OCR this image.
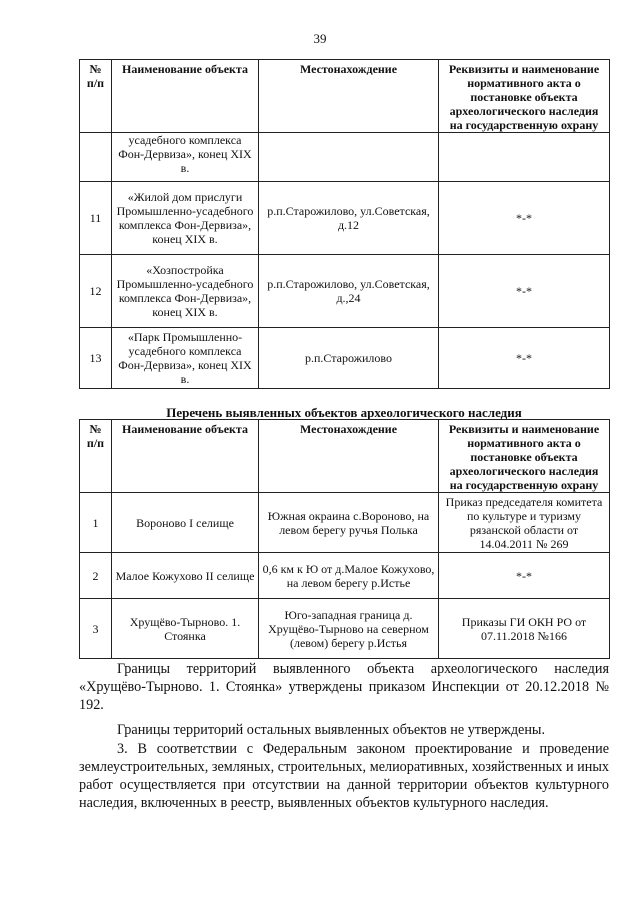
39
№ п/п	Наименование объекта	Местонахождение	Реквизиты и наименование нормативного акта о постановке объекта археологического наследия на государственную охрану
	усадебного комплекса Фон-Дервиза», конец XIX в.		
11	«Жилой дом прислуги Промышленно-усадебного комплекса Фон-Дервиза», конец XIX в.	р.п.Старожилово, ул.Советская, д.12	*-*
12	«Хозпостройка Промышленно-усадебного комплекса Фон-Дервиза», конец XIX в.	р.п.Старожилово, ул.Советская, д.,24	*-*
13	«Парк Промышленно-усадебного комплекса Фон-Дервиза», конец XIX в.	р.п.Старожилово	*-*
Перечень выявленных объектов археологического наследия
№ п/п	Наименование объекта	Местонахождение	Реквизиты и наименование нормативного акта о постановке объекта археологического наследия на государственную охрану
1	Вороново I селище	Южная окраина с.Вороново, на левом берегу ручья Полька	Приказ председателя комитета по культуре и туризму рязанской области от 14.04.2011 № 269
2	Малое Кожухово II селище	0,6 км к Ю от д.Малое Кожухово, на левом берегу р.Истье	*-*
3	Хрущёво-Тырново. 1. Стоянка	Юго-западная граница д. Хрущёво-Тырново на северном (левом) берегу р.Истья	Приказы ГИ ОКН РО от 07.11.2018 №166

Границы территорий выявленного объекта археологического наследия «Хрущёво-Тырново. 1. Стоянка» утверждены приказом Инспекции от 20.12.2018 № 192.

Границы территорий остальных выявленных объектов не утверждены.

3. В соответствии с Федеральным законом проектирование и проведение землеустроительных, земляных, строительных, мелиоративных, хозяйственных и иных работ осуществляется при отсутствии на данной территории объектов культурного наследия, включенных в реестр, выявленных объектов культурного наследия.
